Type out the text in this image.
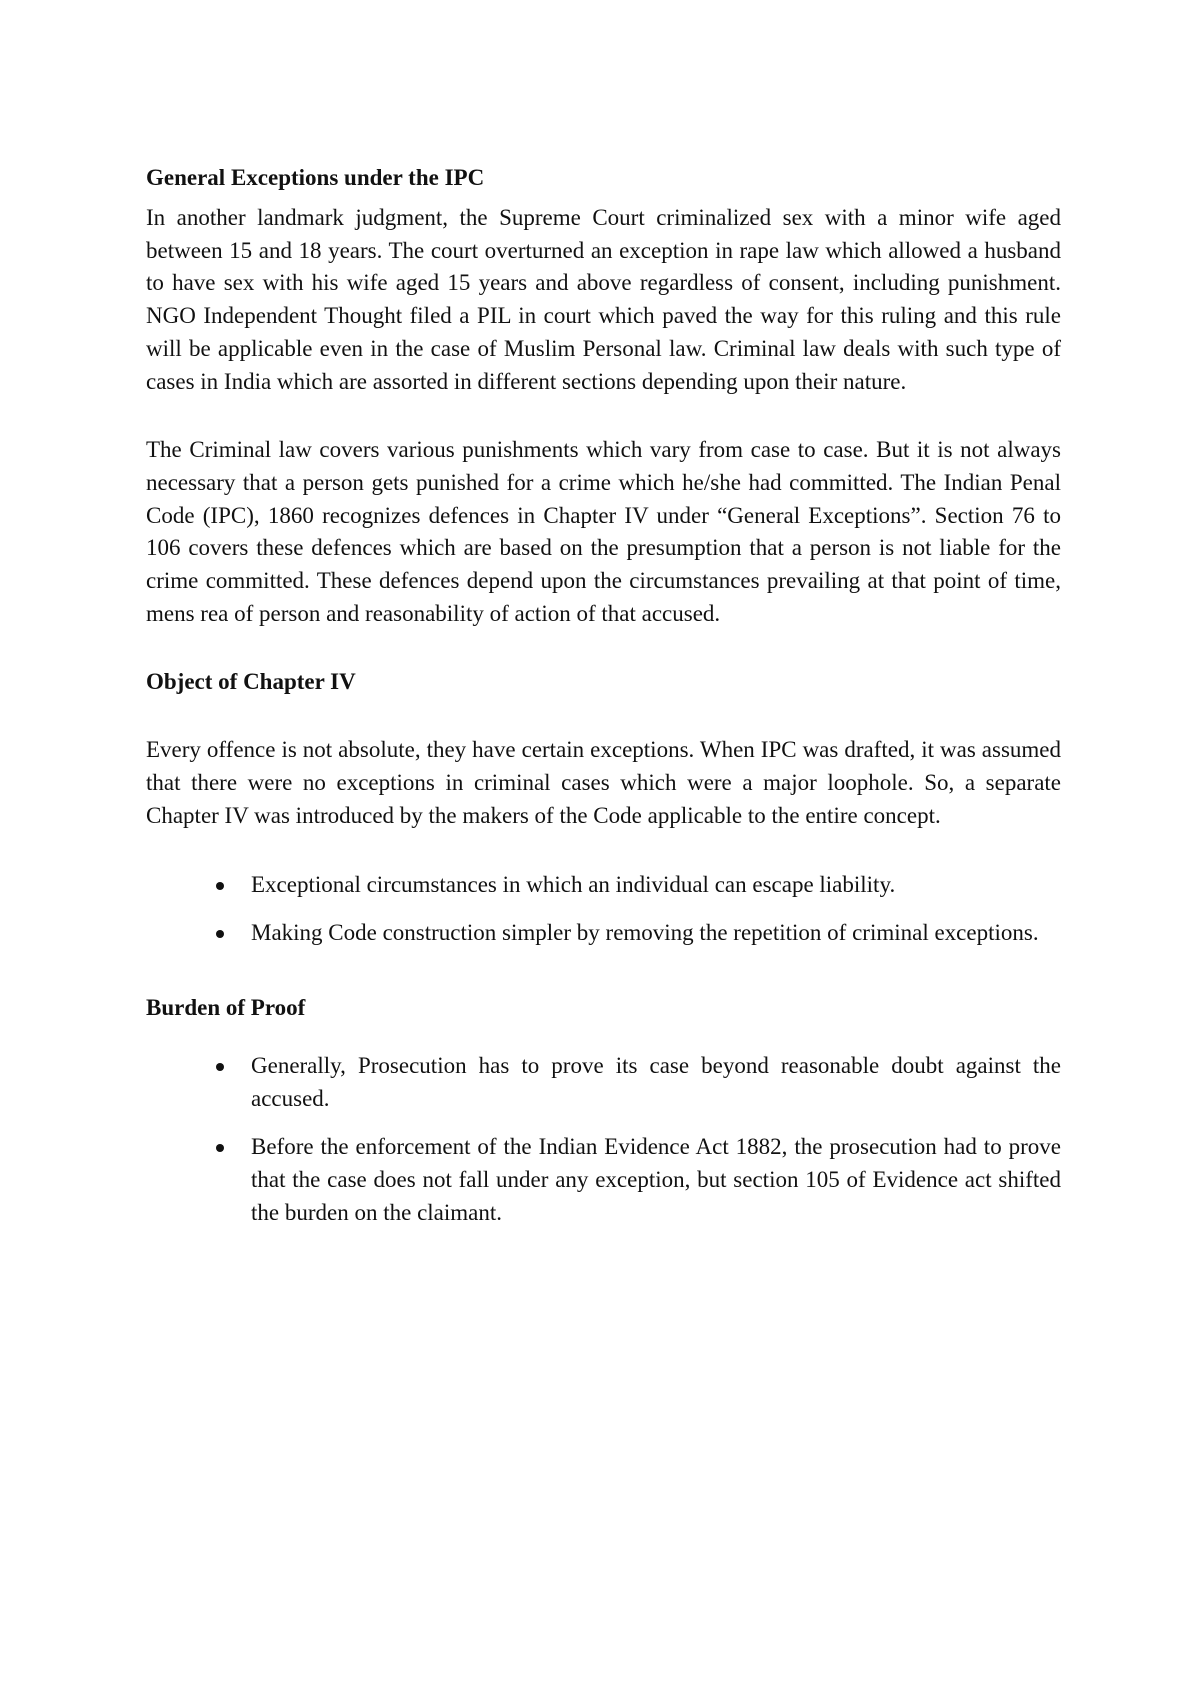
General Exceptions under the IPC

In another landmark judgment, the Supreme Court criminalized sex with a minor wife aged between 15 and 18 years. The court overturned an exception in rape law which allowed a husband to have sex with his wife aged 15 years and above regardless of consent, including punishment. NGO Independent Thought filed a PIL in court which paved the way for this ruling and this rule will be applicable even in the case of Muslim Personal law. Criminal law deals with such type of cases in India which are assorted in different sections depending upon their nature.

The Criminal law covers various punishments which vary from case to case. But it is not always necessary that a person gets punished for a crime which he/she had committed. The Indian Penal Code (IPC), 1860 recognizes defences in Chapter IV under “General Exceptions”. Section 76 to 106 covers these defences which are based on the presumption that a person is not liable for the crime committed. These defences depend upon the circumstances prevailing at that point of time, mens rea of person and reasonability of action of that accused.

Object of Chapter IV

Every offence is not absolute, they have certain exceptions. When IPC was drafted, it was assumed that there were no exceptions in criminal cases which were a major loophole. So, a separate Chapter IV was introduced by the makers of the Code applicable to the entire concept.

Exceptional circumstances in which an individual can escape liability.
Making Code construction simpler by removing the repetition of criminal exceptions.

Burden of Proof

Generally, Prosecution has to prove its case beyond reasonable doubt against the accused.
Before the enforcement of the Indian Evidence Act 1882, the prosecution had to prove that the case does not fall under any exception, but section 105 of Evidence act shifted the burden on the claimant.
